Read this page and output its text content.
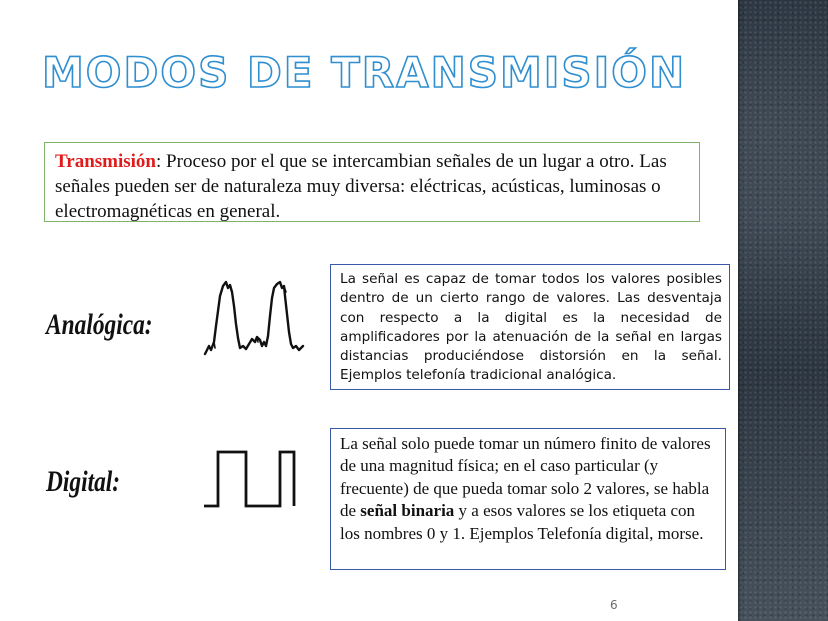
MODOS DE TRANSMISIÓN
Transmisión: Proceso por el que se intercambian señales de un lugar a otro. Las señales pueden ser de naturaleza muy diversa: eléctricas, acústicas, luminosas o electromagnéticas en general.
Analógica:
La señal es capaz de tomar todos los valores posibles dentro de un cierto rango de valores. Las desventaja con respecto a la digital es la necesidad de amplificadores por la atenuación de la señal en largas distancias produciéndose distorsión en la señal. Ejemplos telefonía tradicional analógica.
Digital:
La señal solo puede tomar un número finito de valores de una magnitud física; en el caso particular (y frecuente) de que pueda tomar solo 2 valores, se habla de señal binaria y a esos valores se los etiqueta con los nombres 0 y 1. Ejemplos Telefonía digital, morse.
6
